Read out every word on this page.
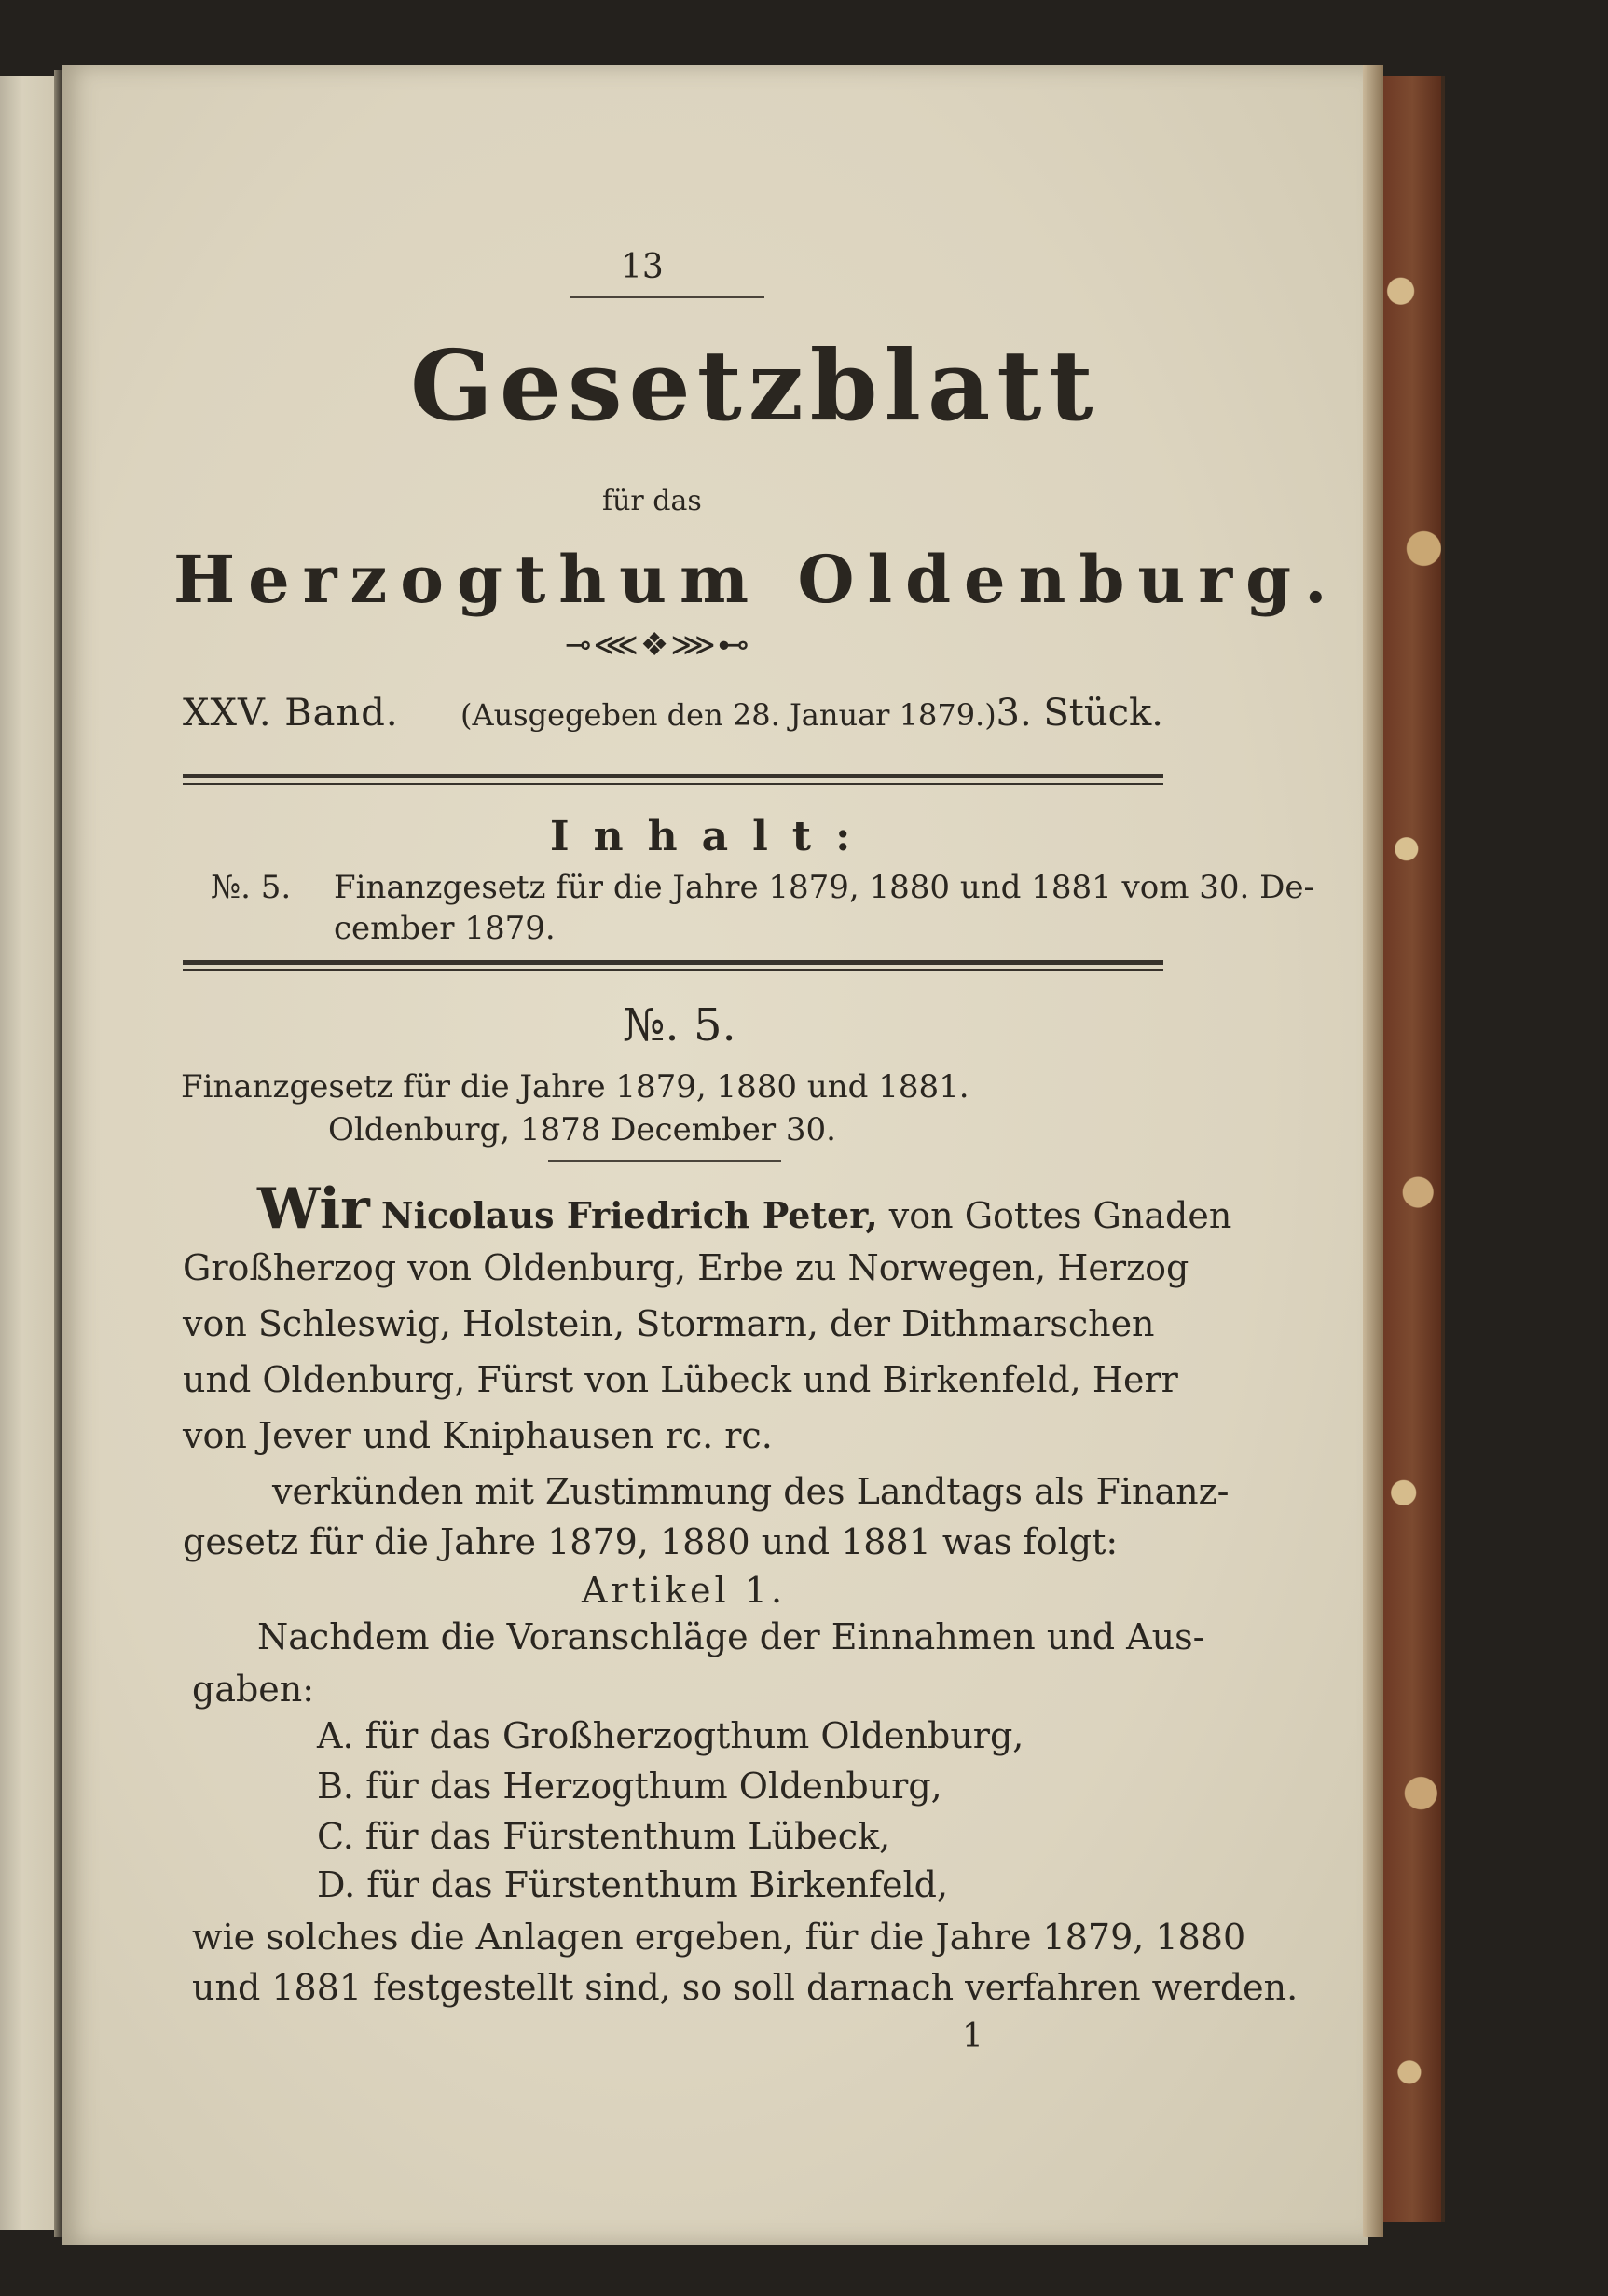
13
Gesetzblatt
für das
Herzogthum Oldenburg.
⊸⋘❖⋙⊷
XXV. Band. (Ausgegeben den 28. Januar 1879.) 3. Stück.
Inhalt:
№. 5. Finanzgesetz für die Jahre 1879, 1880 und 1881 vom 30. De-
cember 1879.
№. 5.
Finanzgesetz für die Jahre 1879, 1880 und 1881.
Oldenburg, 1878 December 30.
Wir Nicolaus Friedrich Peter, von Gottes Gnaden
Großherzog von Oldenburg, Erbe zu Norwegen, Herzog
von Schleswig, Holstein, Stormarn, der Dithmarschen
und Oldenburg, Fürst von Lübeck und Birkenfeld, Herr
von Jever und Kniphausen rc. rc.
verkünden mit Zustimmung des Landtags als Finanz-
gesetz für die Jahre 1879, 1880 und 1881 was folgt:
Artikel 1.
Nachdem die Voranschläge der Einnahmen und Aus-
gaben:
A. für das Großherzogthum Oldenburg,
B. für das Herzogthum Oldenburg,
C. für das Fürstenthum Lübeck,
D. für das Fürstenthum Birkenfeld,
wie solches die Anlagen ergeben, für die Jahre 1879, 1880
und 1881 festgestellt sind, so soll darnach verfahren werden.
1
